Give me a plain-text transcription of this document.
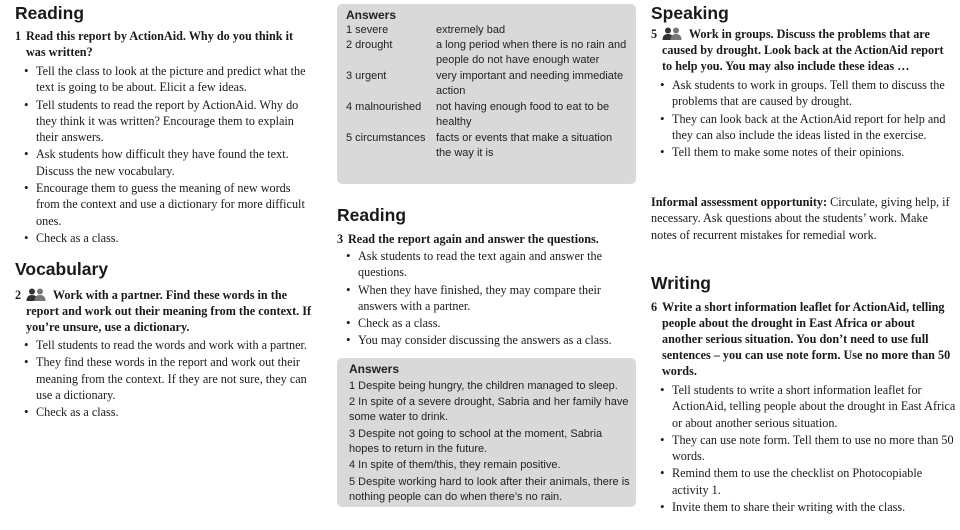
Reading
1 Read this report by ActionAid. Why do you think it was written?
• Tell the class to look at the picture and predict what the text is going to be about. Elicit a few ideas.
• Tell students to read the report by ActionAid. Why do they think it was written? Encourage them to explain their answers.
• Ask students how difficult they have found the text. Discuss the new vocabulary.
• Encourage them to guess the meaning of new words from the context and use a dictionary for more difficult ones.
• Check as a class.
Vocabulary
2	Work with a partner. Find these words in the report and work out their meaning from the context. If you’re unsure, use a dictionary.
• Tell students to read the words and work with a partner.
• They find these words in the report and work out their meaning from the context. If they are not sure, they can use a dictionary.
• Check as a class.
Answers
1 severe	extremely bad
2 drought	a long period when there is no rain and people do not have enough water
3 urgent	very important and needing immediate action
4 malnourished	not having enough food to eat to be healthy
5 circumstances facts or events that make a situation the way it is
Reading
3 Read the report again and answer the questions.
• Ask students to read the text again and answer the questions.
• When they have finished, they may compare their answers with a partner.
• Check as a class.
• You may consider discussing the answers as a class.
Answers
1 Despite being hungry, the children managed to sleep.
2 In spite of a severe drought, Sabria and her family have some water to drink.
3 Despite not going to school at the moment, Sabria hopes to return in the future.
4 In spite of them/this, they remain positive.
5 Despite working hard to look after their animals, there is nothing people can do when there’s no rain.
Speaking
5	Work in groups. Discuss the problems that are caused by drought. Look back at the ActionAid report to help you. You may also include these ideas …
• Ask students to work in groups. Tell them to discuss the problems that are caused by drought.
• They can look back at the ActionAid report for help and they can also include the ideas listed in the exercise.
• Tell them to make some notes of their opinions.
Informal assessment opportunity: Circulate, giving help, if necessary. Ask questions about the students’ work. Make notes of recurrent mistakes for remedial work.
Writing
6 Write a short information leaflet for ActionAid, telling people about the drought in East Africa or about another serious situation. You don’t need to use full sentences – you can use note form. Use no more than 50 words.
• Tell students to write a short information leaflet for ActionAid, telling people about the drought in East Africa or about another serious situation.
• They can use note form. Tell them to use no more than 50 words.
• Remind them to use the checklist on Photocopiable activity 1.
• Invite them to share their writing with the class.
